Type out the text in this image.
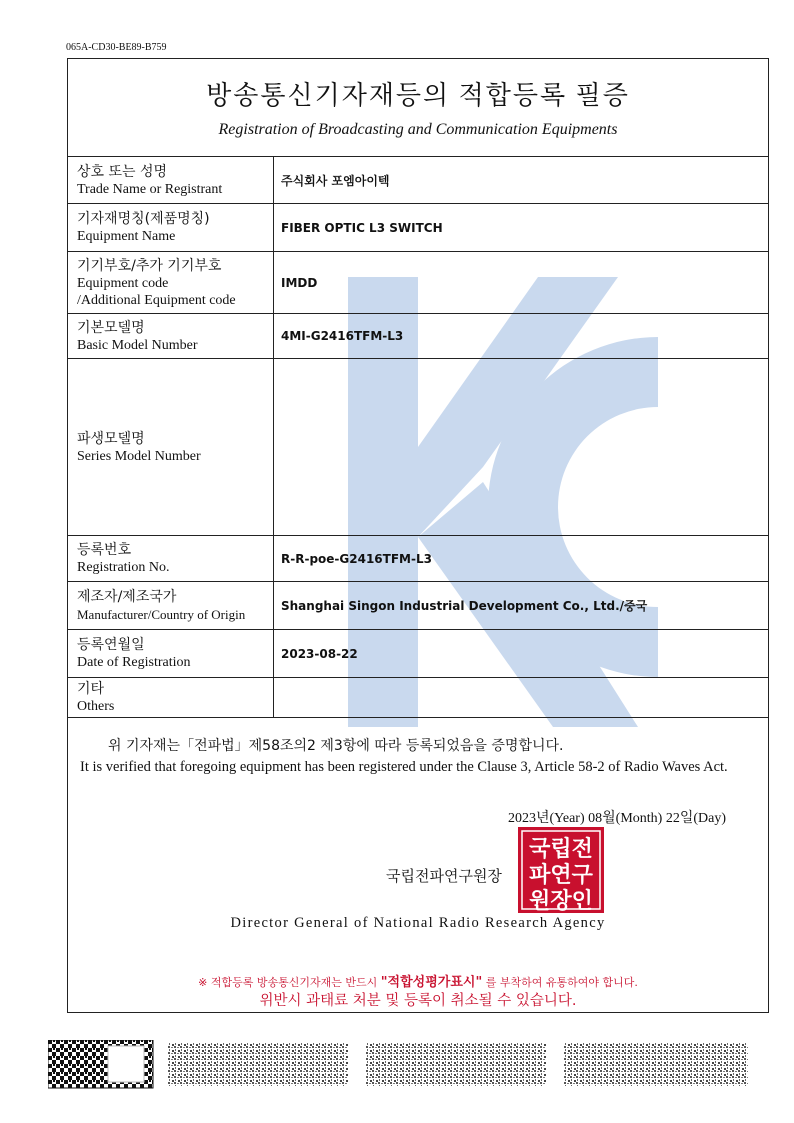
065A-CD30-BE89-B759
방송통신기자재등의 적합등록 필증
Registration of Broadcasting and Communication Equipments
상호 또는 성명
Trade Name or Registrant	주식회사 포엠아이텍

기자재명칭(제품명칭)
Equipment Name	FIBER OPTIC L3 SWITCH

기기부호/추가 기기부호
Equipment code
/Additional Equipment code	IMDD

기본모델명
Basic Model Number	4MI-G2416TFM-L3

파생모델명
Series Model Number	

등록번호
Registration No.	R-R-poe-G2416TFM-L3

제조자/제조국가
Manufacturer/Country of Origin	Shanghai Singon Industrial Development Co., Ltd./중국

등록연월일
Date of Registration	2023-08-22

기타
Others	

위 기자재는「전파법」제58조의2 제3항에 따라 등록되었음을 증명합니다.
It is verified that foregoing equipment has been registered under the Clause 3, Article 58-2 of Radio Waves Act.
2023년(Year) 08월(Month) 22일(Day)
국립전파연구원장
국립전
파연구
원장인
Director General of National Radio Research Agency
※ 적합등록 방송통신기자재는 반드시 "적합성평가표시" 를 부착하여 유통하여야 합니다.
위반시 과태료 처분 및 등록이 취소될 수 있습니다.
